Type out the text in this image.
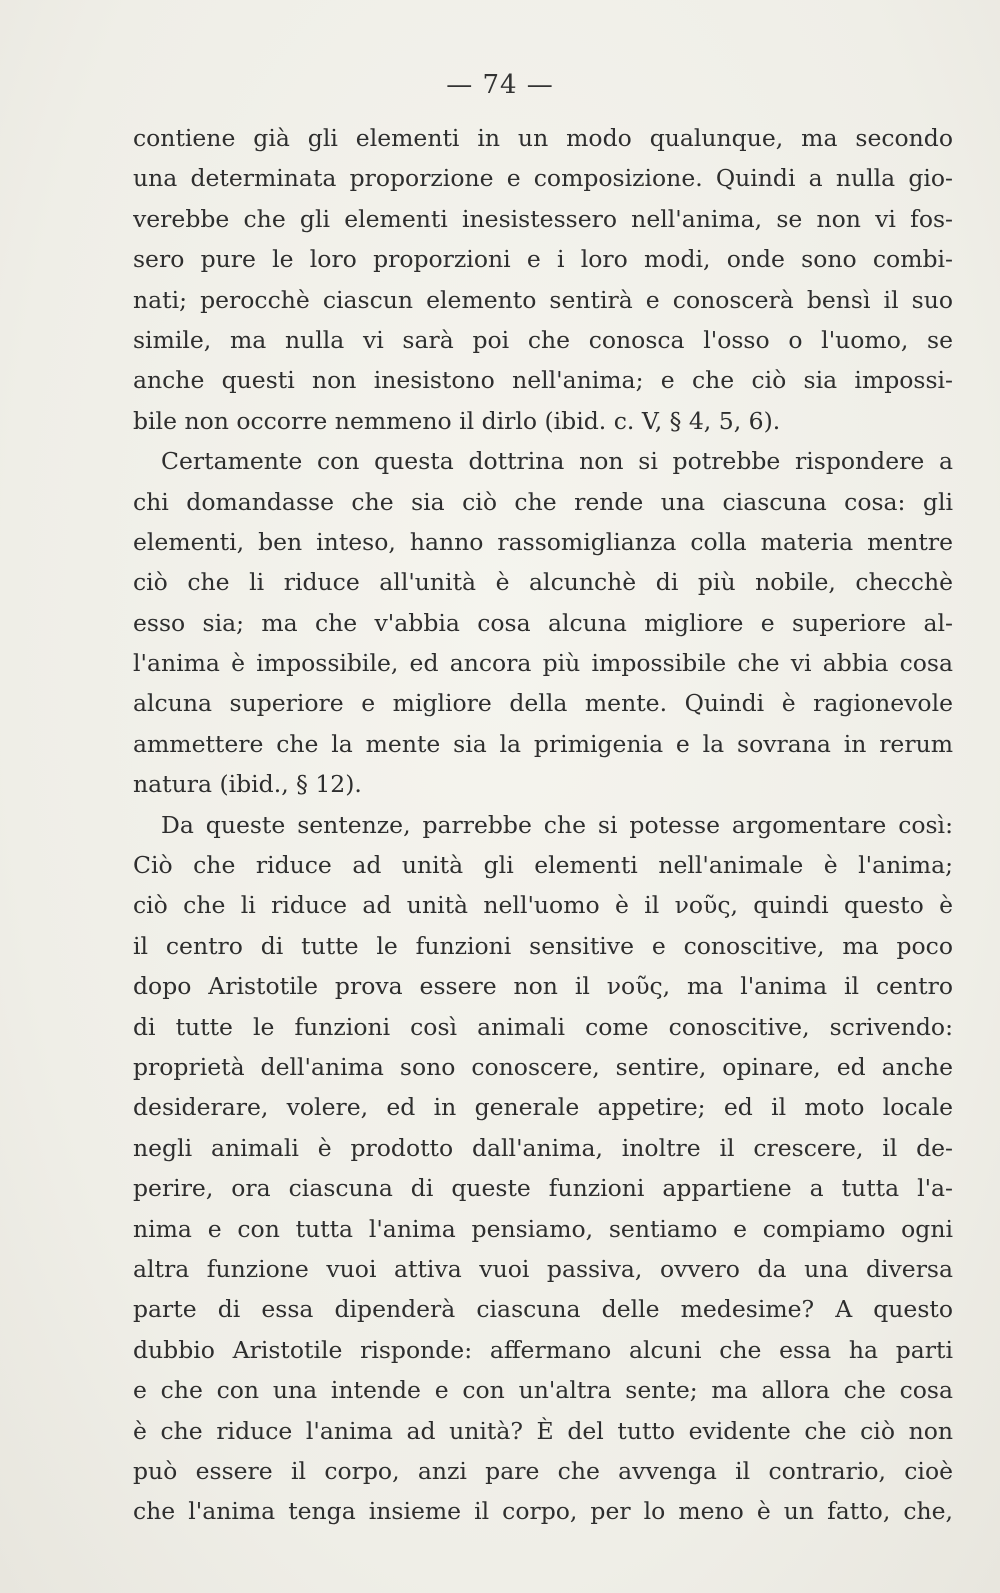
— 74 —
contiene già gli elementi in un modo qualunque, ma secondo
una determinata proporzione e composizione. Quindi a nulla gio-
verebbe che gli elementi inesistessero nell'anima, se non vi fos-
sero pure le loro proporzioni e i loro modi, onde sono combi-
nati; perocchè ciascun elemento sentirà e conoscerà bensì il suo
simile, ma nulla vi sarà poi che conosca l'osso o l'uomo, se
anche questi non inesistono nell'anima; e che ciò sia impossi-
bile non occorre nemmeno il dirlo (ibid. c. V, § 4, 5, 6).
Certamente con questa dottrina non si potrebbe rispondere a
chi domandasse che sia ciò che rende una ciascuna cosa: gli
elementi, ben inteso, hanno rassomiglianza colla materia mentre
ciò che li riduce all'unità è alcunchè di più nobile, checchè
esso sia; ma che v'abbia cosa alcuna migliore e superiore al-
l'anima è impossibile, ed ancora più impossibile che vi abbia cosa
alcuna superiore e migliore della mente. Quindi è ragionevole
ammettere che la mente sia la primigenia e la sovrana in rerum
natura (ibid., § 12).
Da queste sentenze, parrebbe che si potesse argomentare così:
Ciò che riduce ad unità gli elementi nell'animale è l'anima;
ciò che li riduce ad unità nell'uomo è il νοῦς, quindi questo è
il centro di tutte le funzioni sensitive e conoscitive, ma poco
dopo Aristotile prova essere non il νοῦς, ma l'anima il centro
di tutte le funzioni così animali come conoscitive, scrivendo:
proprietà dell'anima sono conoscere, sentire, opinare, ed anche
desiderare, volere, ed in generale appetire; ed il moto locale
negli animali è prodotto dall'anima, inoltre il crescere, il de-
perire, ora ciascuna di queste funzioni appartiene a tutta l'a-
nima e con tutta l'anima pensiamo, sentiamo e compiamo ogni
altra funzione vuoi attiva vuoi passiva, ovvero da una diversa
parte di essa dipenderà ciascuna delle medesime? A questo
dubbio Aristotile risponde: affermano alcuni che essa ha parti
e che con una intende e con un'altra sente; ma allora che cosa
è che riduce l'anima ad unità? È del tutto evidente che ciò non
può essere il corpo, anzi pare che avvenga il contrario, cioè
che l'anima tenga insieme il corpo, per lo meno è un fatto, che,
